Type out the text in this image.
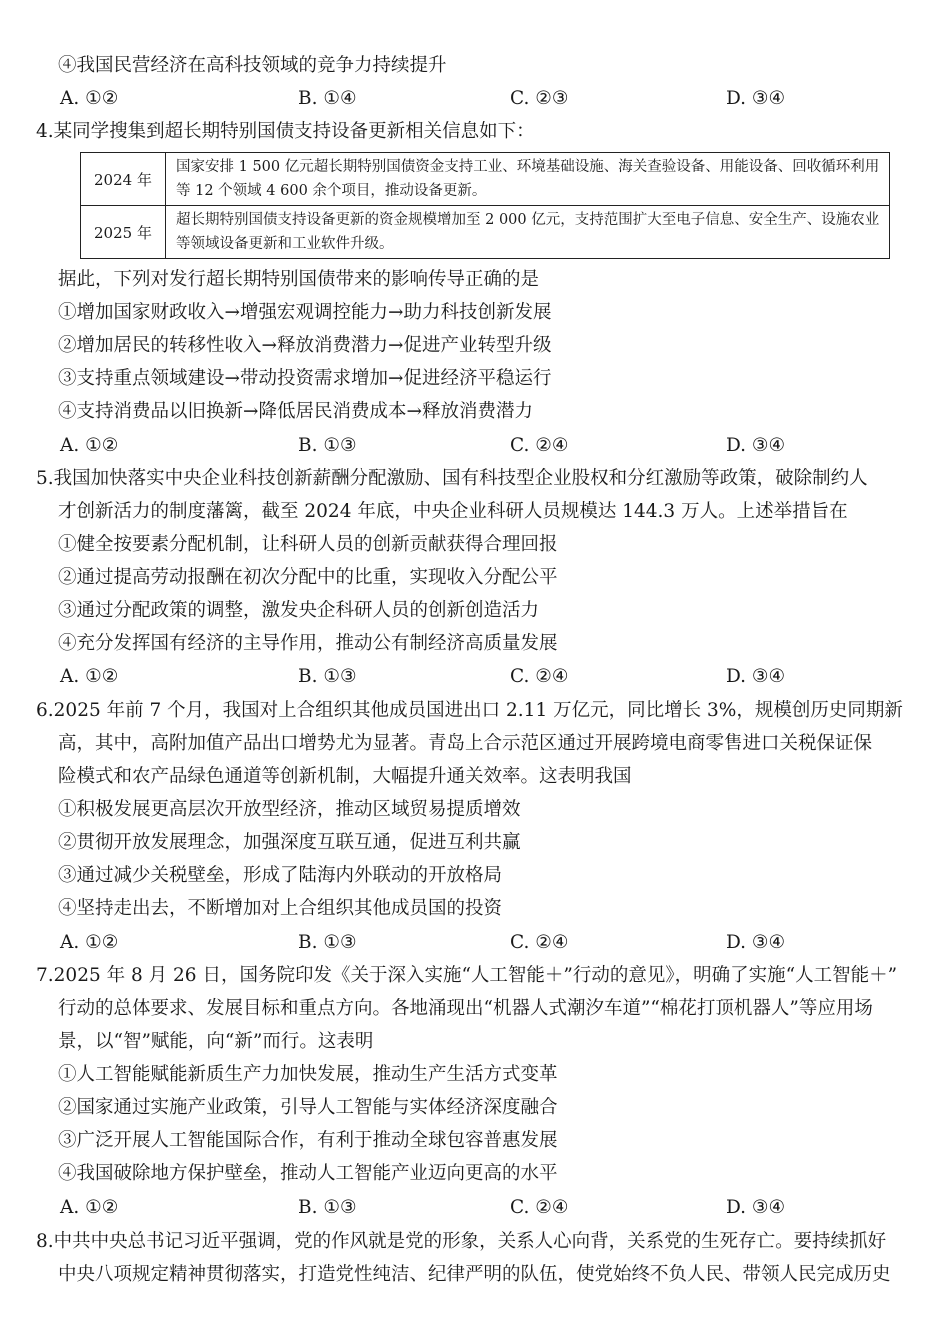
④我国民营经济在高科技领域的竞争力持续提升
A. ①②	B. ①④	C. ②③	D. ③④
4.某同学搜集到超长期特别国债支持设备更新相关信息如下：
2024 年	国家安排 1 500 亿元超长期特别国债资金支持工业、环境基础设施、海关查验设备、用能设备、回收循环利用等 12 个领域 4 600 余个项目，推动设备更新。
2025 年	超长期特别国债支持设备更新的资金规模增加至 2 000 亿元，支持范围扩大至电子信息、安全生产、设施农业等领域设备更新和工业软件升级。
据此，下列对发行超长期特别国债带来的影响传导正确的是
①增加国家财政收入→增强宏观调控能力→助力科技创新发展
②增加居民的转移性收入→释放消费潜力→促进产业转型升级
③支持重点领域建设→带动投资需求增加→促进经济平稳运行
④支持消费品以旧换新→降低居民消费成本→释放消费潜力
A. ①②	B. ①③	C. ②④	D. ③④
5.我国加快落实中央企业科技创新薪酬分配激励、国有科技型企业股权和分红激励等政策，破除制约人
才创新活力的制度藩篱，截至 2024 年底，中央企业科研人员规模达 144.3 万人。上述举措旨在
①健全按要素分配机制，让科研人员的创新贡献获得合理回报
②通过提高劳动报酬在初次分配中的比重，实现收入分配公平
③通过分配政策的调整，激发央企科研人员的创新创造活力
④充分发挥国有经济的主导作用，推动公有制经济高质量发展
A. ①②	B. ①③	C. ②④	D. ③④
6.2025 年前 7 个月，我国对上合组织其他成员国进出口 2.11 万亿元，同比增长 3%，规模创历史同期新
高，其中，高附加值产品出口增势尤为显著。青岛上合示范区通过开展跨境电商零售进口关税保证保
险模式和农产品绿色通道等创新机制，大幅提升通关效率。这表明我国
①积极发展更高层次开放型经济，推动区域贸易提质增效
②贯彻开放发展理念，加强深度互联互通，促进互利共赢
③通过减少关税壁垒，形成了陆海内外联动的开放格局
④坚持走出去，不断增加对上合组织其他成员国的投资
A. ①②	B. ①③	C. ②④	D. ③④
7.2025 年 8 月 26 日，国务院印发《关于深入实施“人工智能＋”行动的意见》，明确了实施“人工智能＋”
行动的总体要求、发展目标和重点方向。各地涌现出“机器人式潮汐车道”“棉花打顶机器人”等应用场
景，以“智”赋能，向“新”而行。这表明
①人工智能赋能新质生产力加快发展，推动生产生活方式变革
②国家通过实施产业政策，引导人工智能与实体经济深度融合
③广泛开展人工智能国际合作，有利于推动全球包容普惠发展
④我国破除地方保护壁垒，推动人工智能产业迈向更高的水平
A. ①②	B. ①③	C. ②④	D. ③④
8.中共中央总书记习近平强调，党的作风就是党的形象，关系人心向背，关系党的生死存亡。要持续抓好
中央八项规定精神贯彻落实，打造党性纯洁、纪律严明的队伍，使党始终不负人民、带领人民完成历史
